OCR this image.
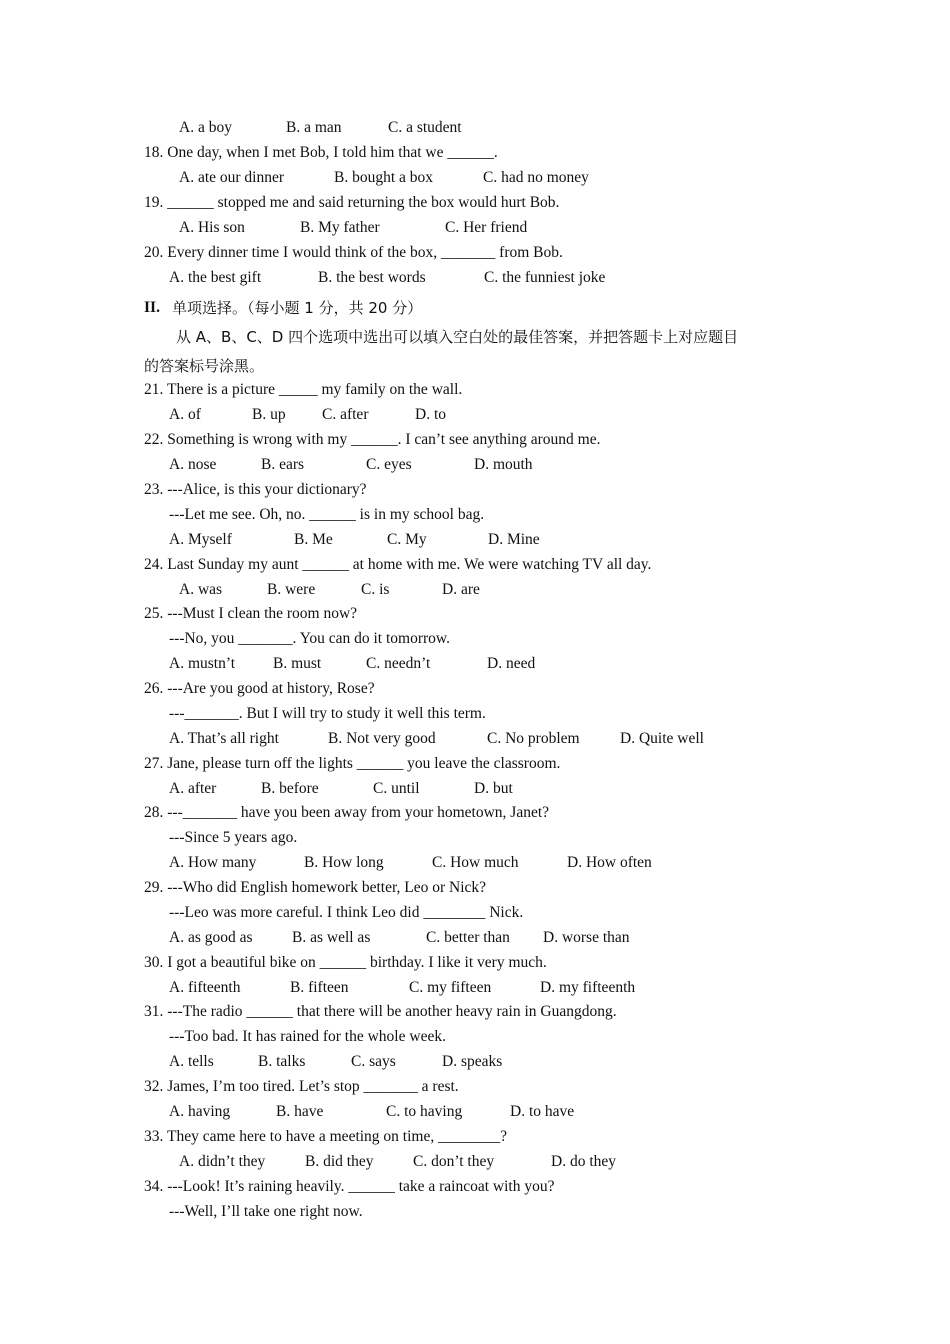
A. a boy	B. a man	C. a student
18. One day, when I met Bob, I told him that we ______.
A. ate our dinner	B. bought a box	C. had no money
19. ______ stopped me and said returning the box would hurt Bob.
A. His son	B. My father	C. Her friend
20. Every dinner time I would think of the box, _______ from Bob.
A. the best gift	B. the best words	C. the funniest joke
II. 单项选择。（每小题 1 分，共 20 分）
从 A、B、C、D 四个选项中选出可以填入空白处的最佳答案，并把答题卡上对应题目
的答案标号涂黑。
21. There is a picture _____ my family on the wall.
A. of	B. up C. after	D. to
22. Something is wrong with my ______. I can’t see anything around me.
A. nose	B. ears	C. eyes	D. mouth
23. ---Alice, is this your dictionary?
---Let me see. Oh, no. ______ is in my school bag.
A. Myself	B. Me	C. My	D. Mine
24. Last Sunday my aunt ______ at home with me. We were watching TV all day.
A. was	B. were	C. is	D. are
25. ---Must I clean the room now?
---No, you _______. You can do it tomorrow.
A. mustn’t B. must	C. needn’t	D. need
26. ---Are you good at history, Rose?
---_______. But I will try to study it well this term.
A. That’s all right	B. Not very good	C. No problem	D. Quite well
27. Jane, please turn off the lights ______ you leave the classroom.
A. after	B. before	C. until	D. but
28. ---_______ have you been away from your hometown, Janet?
---Since 5 years ago.
A. How many	B. How long	C. How much	D. How often
29. ---Who did English homework better, Leo or Nick?
---Leo was more careful. I think Leo did ________ Nick.
A. as good as	B. as well as	C. better than D. worse than
30. I got a beautiful bike on ______ birthday. I like it very much.
A. fifteenth	B. fifteen	C. my fifteen	D. my fifteenth
31. ---The radio ______ that there will be another heavy rain in Guangdong.
---Too bad. It has rained for the whole week.
A. tells	B. talks	C. says	D. speaks
32. James, I’m too tired. Let’s stop _______ a rest.
A. having	B. have	C. to having	D. to have
33. They came here to have a meeting on time, ________?
A. didn’t they	B. did they	C. don’t they	D. do they
34. ---Look! It’s raining heavily. ______ take a raincoat with you?
---Well, I’ll take one right now.
